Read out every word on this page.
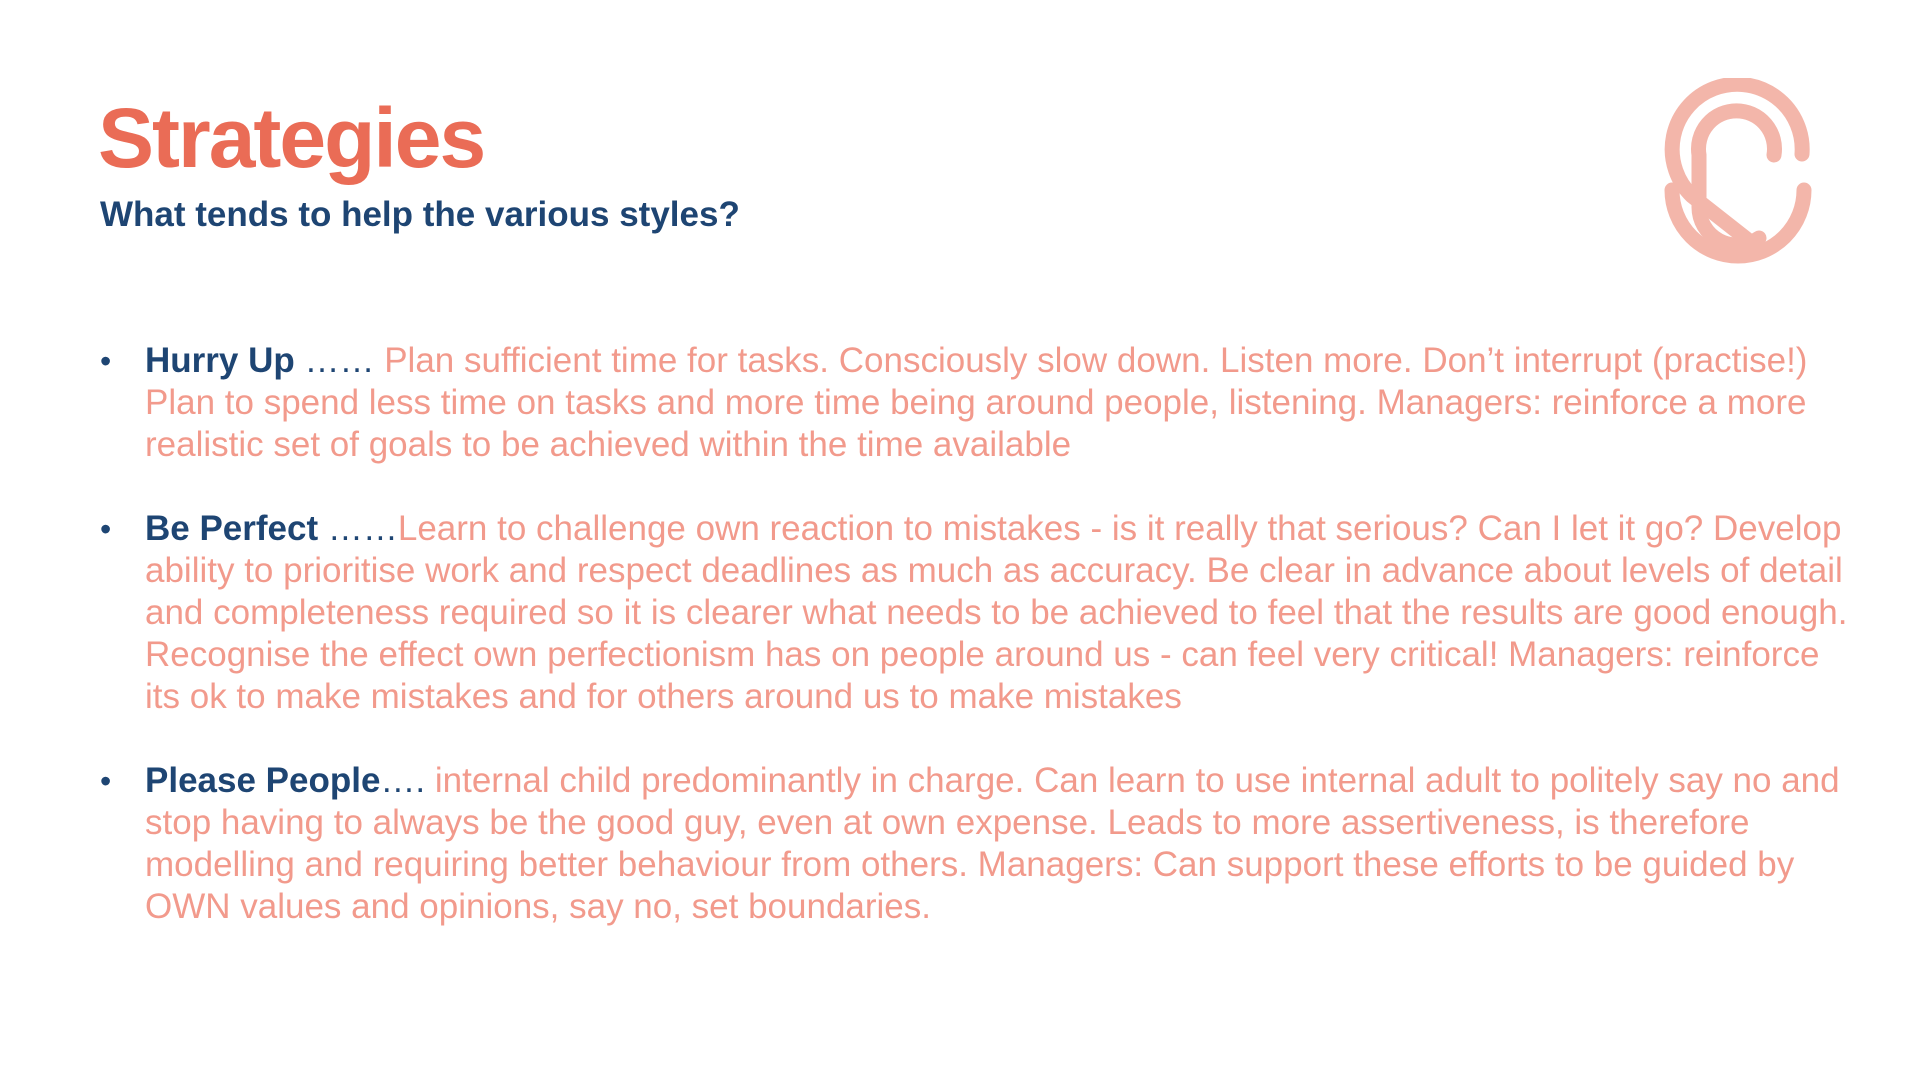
Strategies
What tends to help the various styles?
• Hurry Up …… Plan sufficient time for tasks. Consciously slow down. Listen more. Don’t interrupt (practise!) Plan to spend less time on tasks and more time being around people, listening. Managers: reinforce a more realistic set of goals to be achieved within the time available
• Be Perfect ……Learn to challenge own reaction to mistakes - is it really that serious? Can I let it go? Develop ability to prioritise work and respect deadlines as much as accuracy. Be clear in advance about levels of detail and completeness required so it is clearer what needs to be achieved to feel that the results are good enough. Recognise the effect own perfectionism has on people around us - can feel very critical! Managers: reinforce its ok to make mistakes and for others around us to make mistakes
• Please People…. internal child predominantly in charge. Can learn to use internal adult to politely say no and stop having to always be the good guy, even at own expense. Leads to more assertiveness, is therefore modelling and requiring better behaviour from others. Managers: Can support these efforts to be guided by OWN values and opinions, say no, set boundaries.
